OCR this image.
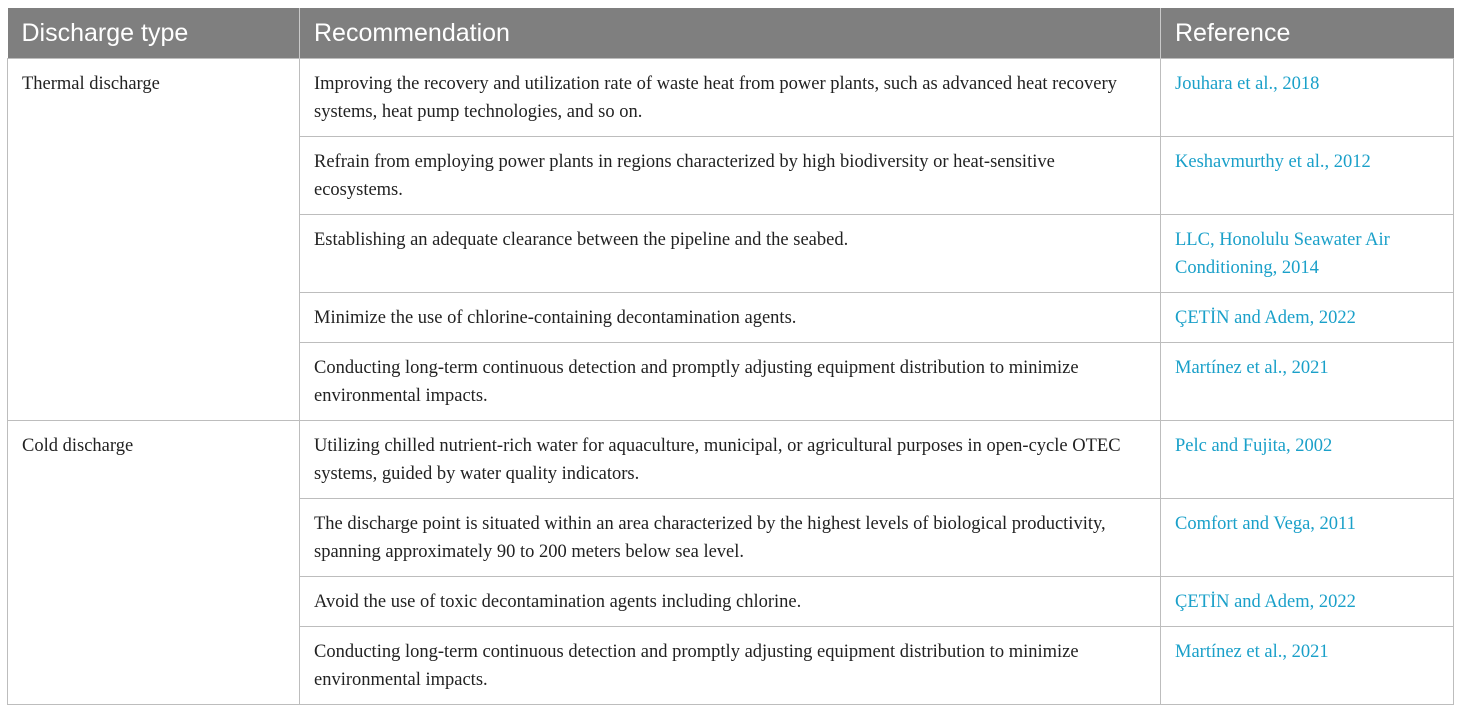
Discharge type	Recommendation	Reference
Thermal discharge	Improving the recovery and utilization rate of waste heat from power plants, such as advanced heat recovery systems, heat pump technologies, and so on.	Jouhara et al., 2018
	Refrain from employing power plants in regions characterized by high biodiversity or heat-sensitive ecosystems.	Keshavmurthy et al., 2012
	Establishing an adequate clearance between the pipeline and the seabed.	LLC, Honolulu Seawater Air Conditioning, 2014
	Minimize the use of chlorine-containing decontamination agents.	ÇETİN and Adem, 2022
	Conducting long-term continuous detection and promptly adjusting equipment distribution to minimize environmental impacts.	Martínez et al., 2021
Cold discharge	Utilizing chilled nutrient-rich water for aquaculture, municipal, or agricultural purposes in open-cycle OTEC systems, guided by water quality indicators.	Pelc and Fujita, 2002
	The discharge point is situated within an area characterized by the highest levels of biological productivity, spanning approximately 90 to 200 meters below sea level.	Comfort and Vega, 2011
	Avoid the use of toxic decontamination agents including chlorine.	ÇETİN and Adem, 2022
	Conducting long-term continuous detection and promptly adjusting equipment distribution to minimize environmental impacts.	Martínez et al., 2021
